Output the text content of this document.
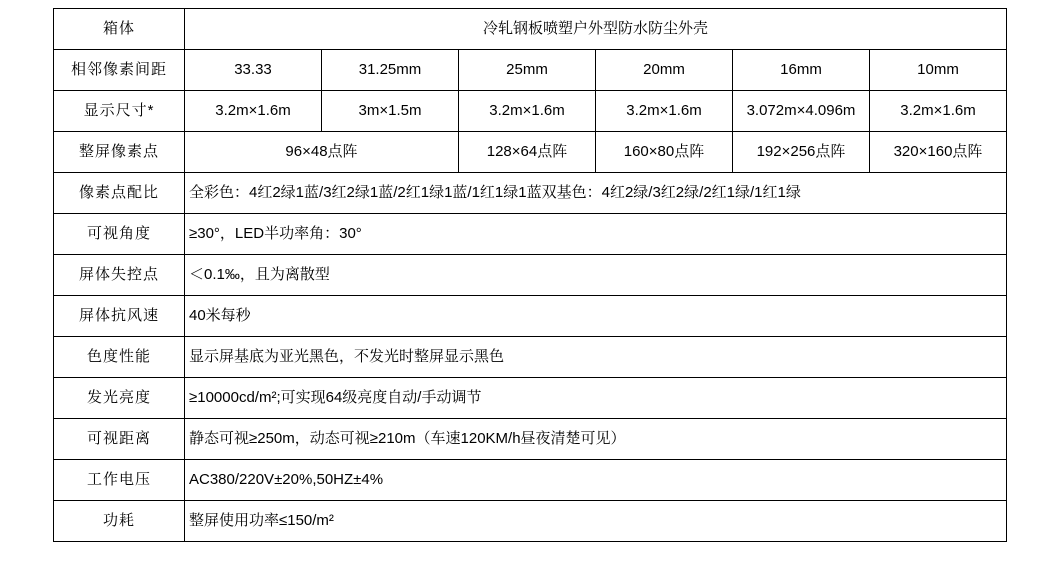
箱体	冷轧钢板喷塑户外型防水防尘外壳					
相邻像素间距	33.33	31.25mm	25mm	20mm	16mm	10mm
显示尺寸*	3.2m×1.6m	3m×1.5m	3.2m×1.6m	3.2m×1.6m	3.072m×4.096m	3.2m×1.6m
整屏像素点	96×48点阵		128×64点阵	160×80点阵	192×256点阵	320×160点阵
像素点配比	全彩色：4红2绿1蓝/3红2绿1蓝/2红1绿1蓝/1红1绿1蓝双基色：4红2绿/3红2绿/2红1绿/1红1绿					
可视角度	≥30°，LED半功率角：30°					
屏体失控点	＜0.1‰，且为离散型					
屏体抗风速	40米每秒					
色度性能	显示屏基底为亚光黑色，不发光时整屏显示黑色					
发光亮度	≥10000cd/m²;可实现64级亮度自动/手动调节					
可视距离	静态可视≥250m，动态可视≥210m（车速120KM/h昼夜清楚可见）					
工作电压	AC380/220V±20%,50HZ±4%					
功耗	整屏使用功率≤150/m²					
